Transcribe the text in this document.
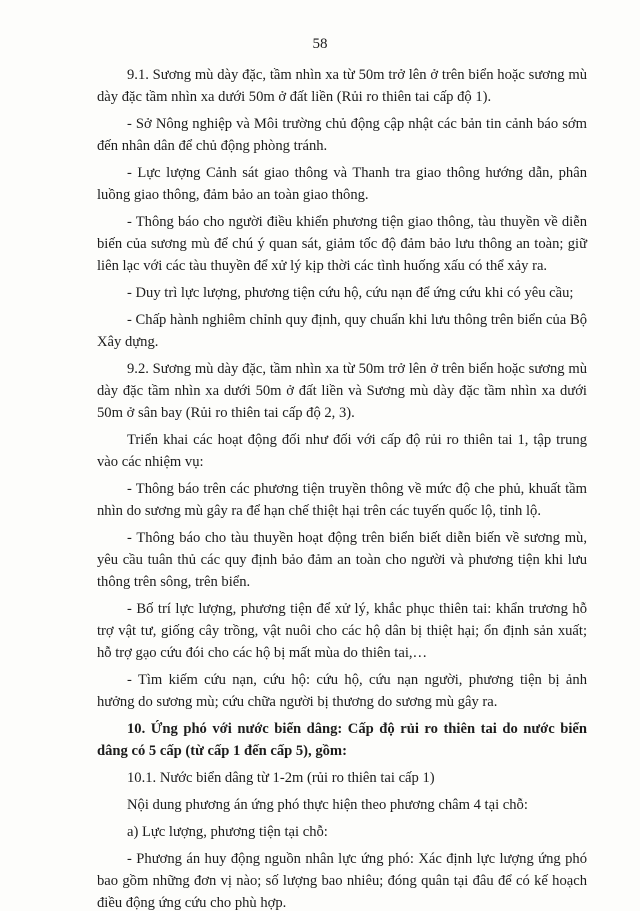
58

9.1. Sương mù dày đặc, tầm nhìn xa từ 50m trở lên ở trên biển hoặc sương mù dày đặc tầm nhìn xa dưới 50m ở đất liền (Rủi ro thiên tai cấp độ 1).

- Sở Nông nghiệp và Môi trường chủ động cập nhật các bản tin cảnh báo sớm đến nhân dân để chủ động phòng tránh.

- Lực lượng Cảnh sát giao thông và Thanh tra giao thông hướng dẫn, phân luồng giao thông, đảm bảo an toàn giao thông.

- Thông báo cho người điều khiển phương tiện giao thông, tàu thuyền về diễn biến của sương mù để chú ý quan sát, giảm tốc độ đảm bảo lưu thông an toàn; giữ liên lạc với các tàu thuyền để xử lý kịp thời các tình huống xấu có thể xảy ra.

- Duy trì lực lượng, phương tiện cứu hộ, cứu nạn để ứng cứu khi có yêu cầu;

- Chấp hành nghiêm chỉnh quy định, quy chuẩn khi lưu thông trên biển của Bộ Xây dựng.

9.2. Sương mù dày đặc, tầm nhìn xa từ 50m trở lên ở trên biển hoặc sương mù dày đặc tầm nhìn xa dưới 50m ở đất liền và Sương mù dày đặc tầm nhìn xa dưới 50m ở sân bay (Rủi ro thiên tai cấp độ 2, 3).

Triển khai các hoạt động đối như đối với cấp độ rủi ro thiên tai 1, tập trung vào các nhiệm vụ:

- Thông báo trên các phương tiện truyền thông về mức độ che phủ, khuất tầm nhìn do sương mù gây ra để hạn chế thiệt hại trên các tuyến quốc lộ, tỉnh lộ.

- Thông báo cho tàu thuyền hoạt động trên biển biết diễn biến về sương mù, yêu cầu tuân thủ các quy định bảo đảm an toàn cho người và phương tiện khi lưu thông trên sông, trên biển.

- Bố trí lực lượng, phương tiện để xử lý, khắc phục thiên tai: khẩn trương hỗ trợ vật tư, giống cây trồng, vật nuôi cho các hộ dân bị thiệt hại; ổn định sản xuất; hỗ trợ gạo cứu đói cho các hộ bị mất mùa do thiên tai,…

- Tìm kiếm cứu nạn, cứu hộ: cứu hộ, cứu nạn người, phương tiện bị ảnh hưởng do sương mù; cứu chữa người bị thương do sương mù gây ra.

10. Ứng phó với nước biển dâng: Cấp độ rủi ro thiên tai do nước biển dâng có 5 cấp (từ cấp 1 đến cấp 5), gồm:

10.1. Nước biển dâng từ 1-2m (rủi ro thiên tai cấp 1)

Nội dung phương án ứng phó thực hiện theo phương châm 4 tại chỗ:

a) Lực lượng, phương tiện tại chỗ:

- Phương án huy động nguồn nhân lực ứng phó: Xác định lực lượng ứng phó bao gồm những đơn vị nào; số lượng bao nhiêu; đóng quân tại đâu để có kế hoạch điều động ứng cứu cho phù hợp.
